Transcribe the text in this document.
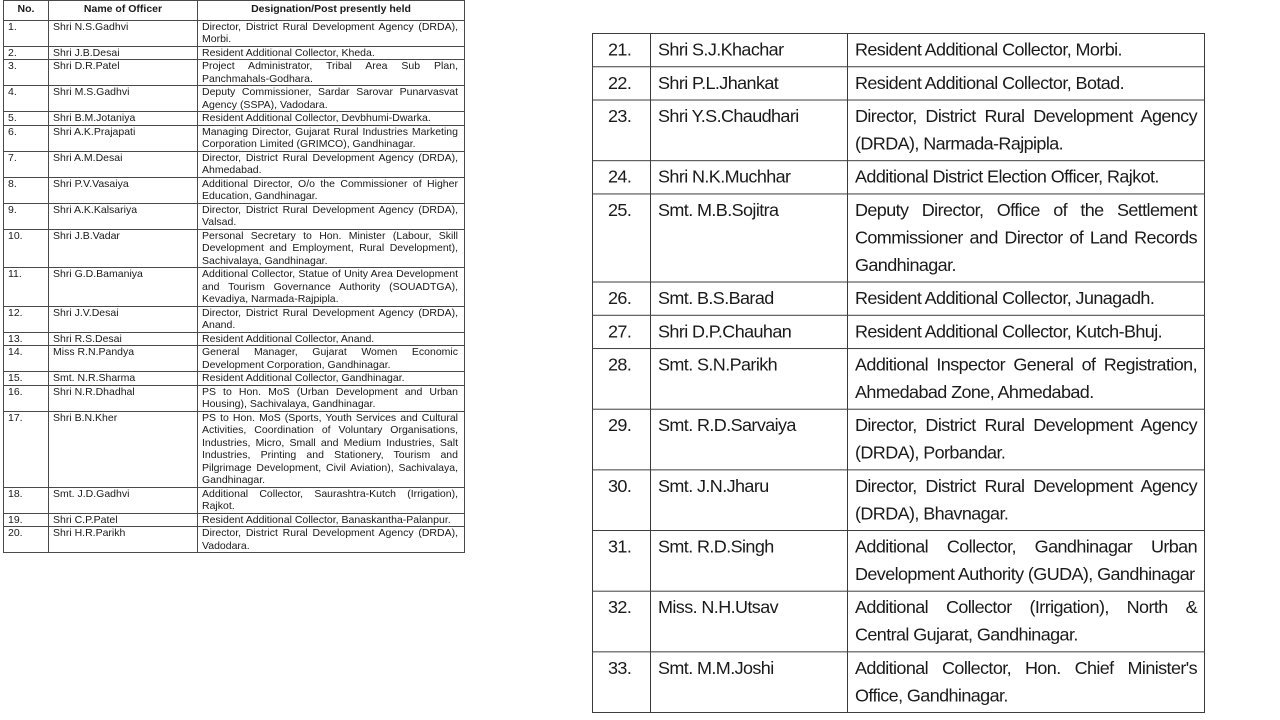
No.	Name of Officer	Designation/Post presently held
1.	Shri N.S.Gadhvi	Director, District Rural Development Agency (DRDA), Morbi.
2.	Shri J.B.Desai	Resident Additional Collector, Kheda.
3.	Shri D.R.Patel	Project Administrator, Tribal Area Sub Plan, Panchmahals-Godhara.
4.	Shri M.S.Gadhvi	Deputy Commissioner, Sardar Sarovar Punarvasvat Agency (SSPA), Vadodara.
5.	Shri B.M.Jotaniya	Resident Additional Collector, Devbhumi-Dwarka.
6.	Shri A.K.Prajapati	Managing Director, Gujarat Rural Industries Marketing Corporation Limited (GRIMCO), Gandhinagar.
7.	Shri A.M.Desai	Director, District Rural Development Agency (DRDA), Ahmedabad.
8.	Shri P.V.Vasaiya	Additional Director, O/o the Commissioner of Higher Education, Gandhinagar.
9.	Shri A.K.Kalsariya	Director, District Rural Development Agency (DRDA), Valsad.
10.	Shri J.B.Vadar	Personal Secretary to Hon. Minister (Labour, Skill Development and Employment, Rural Development), Sachivalaya, Gandhinagar.
11.	Shri G.D.Bamaniya	Additional Collector, Statue of Unity Area Development and Tourism Governance Authority (SOUADTGA), Kevadiya, Narmada-Rajpipla.
12.	Shri J.V.Desai	Director, District Rural Development Agency (DRDA), Anand.
13.	Shri R.S.Desai	Resident Additional Collector, Anand.
14.	Miss R.N.Pandya	General Manager, Gujarat Women Economic Development Corporation, Gandhinagar.
15.	Smt. N.R.Sharma	Resident Additional Collector, Gandhinagar.
16.	Shri N.R.Dhadhal	PS to Hon. MoS (Urban Development and Urban Housing), Sachivalaya, Gandhinagar.
17.	Shri B.N.Kher	PS to Hon. MoS (Sports, Youth Services and Cultural Activities, Coordination of Voluntary Organisations, Industries, Micro, Small and Medium Industries, Salt Industries, Printing and Stationery, Tourism and Pilgrimage Development, Civil Aviation), Sachivalaya, Gandhinagar.
18.	Smt. J.D.Gadhvi	Additional Collector, Saurashtra-Kutch (Irrigation), Rajkot.
19.	Shri C.P.Patel	Resident Additional Collector, Banaskantha-Palanpur.
20.	Shri H.R.Parikh	Director, District Rural Development Agency (DRDA), Vadodara.
21.	Shri S.J.Khachar	Resident Additional Collector, Morbi.
22.	Shri P.L.Jhankat	Resident Additional Collector, Botad.
23.	Shri Y.S.Chaudhari	Director, District Rural Development Agency (DRDA), Narmada-Rajpipla.
24.	Shri N.K.Muchhar	Additional District Election Officer, Rajkot.
25.	Smt. M.B.Sojitra	Deputy Director, Office of the Settlement Commissioner and Director of Land Records Gandhinagar.
26.	Smt. B.S.Barad	Resident Additional Collector, Junagadh.
27.	Shri D.P.Chauhan	Resident Additional Collector, Kutch-Bhuj.
28.	Smt. S.N.Parikh	Additional Inspector General of Registration, Ahmedabad Zone, Ahmedabad.
29.	Smt. R.D.Sarvaiya	Director, District Rural Development Agency (DRDA), Porbandar.
30.	Smt. J.N.Jharu	Director, District Rural Development Agency (DRDA), Bhavnagar.
31.	Smt. R.D.Singh	Additional Collector, Gandhinagar Urban Development Authority (GUDA), Gandhinagar
32.	Miss. N.H.Utsav	Additional Collector (Irrigation), North & Central Gujarat, Gandhinagar.
33.	Smt. M.M.Joshi	Additional Collector, Hon. Chief Minister's Office, Gandhinagar.
